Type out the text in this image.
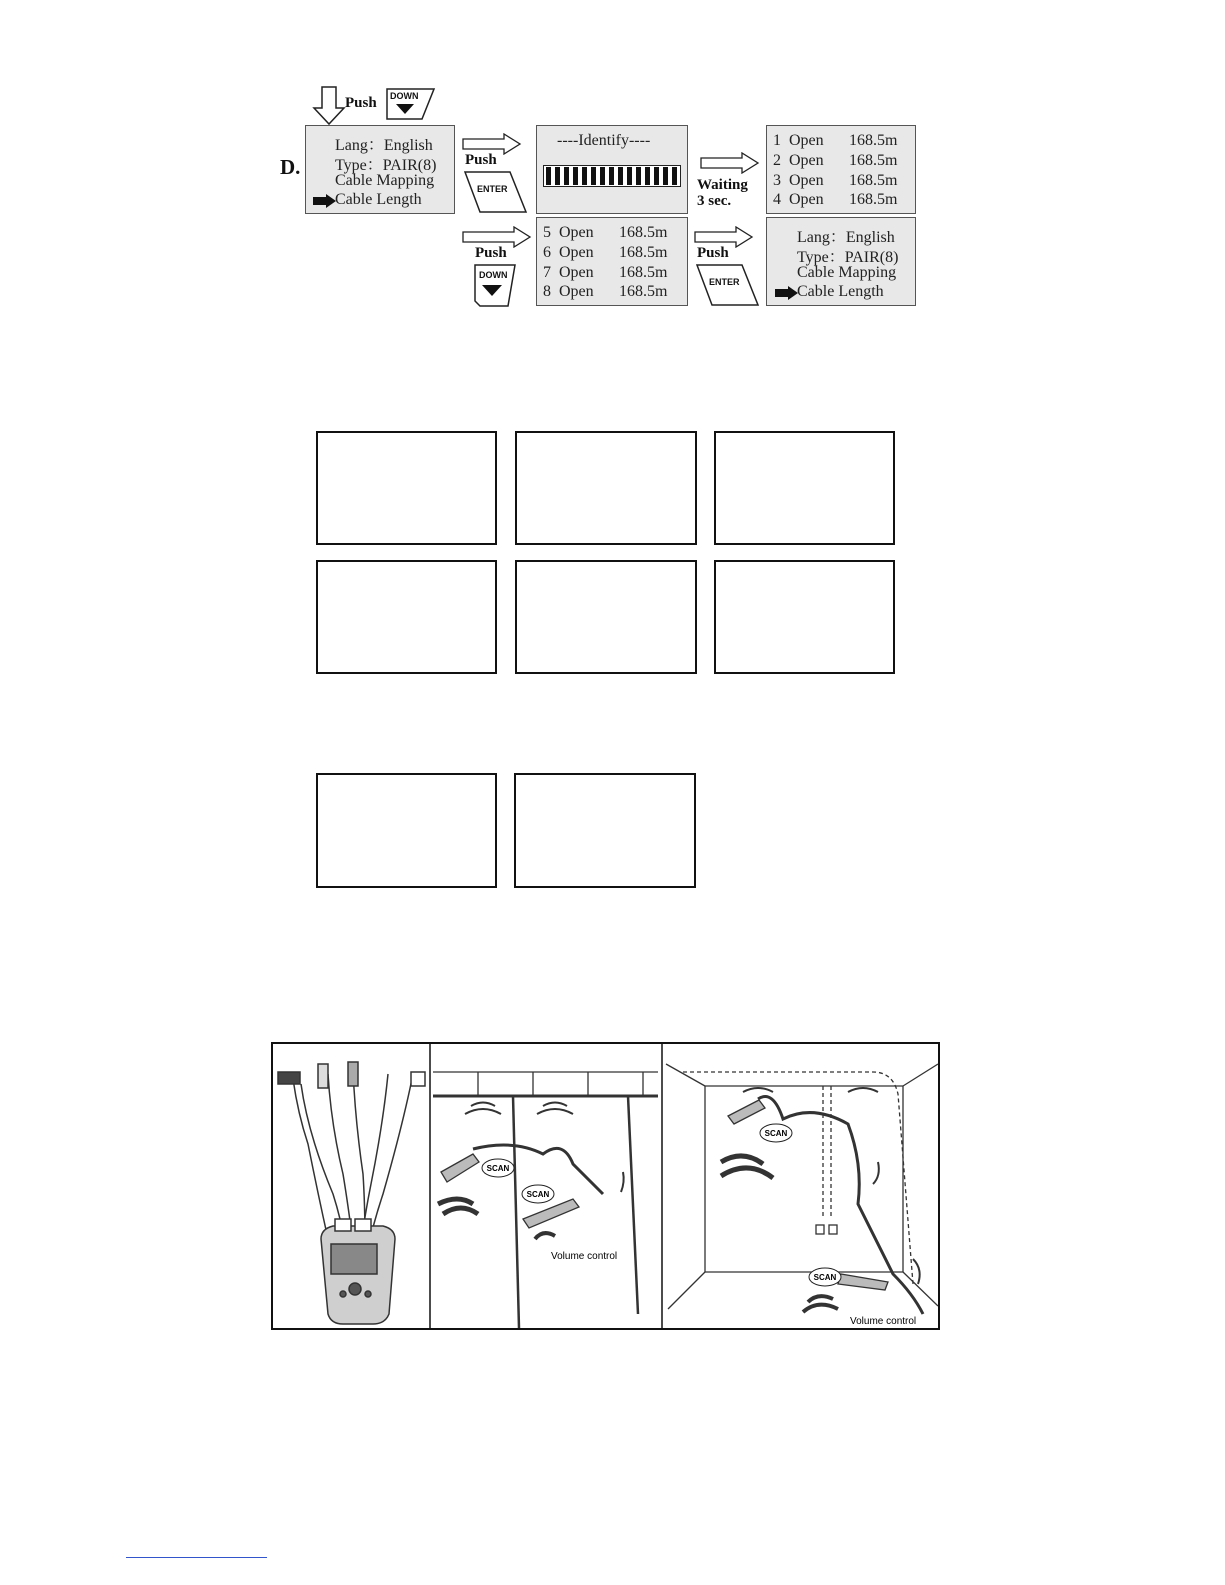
Push DOWN
D.
Lang：English
Type：PAIR(8)
Cable Mapping
Cable Length
Push
ENTER
----Identify----
Waiting
3 sec.
1 Open 168.5m
2 Open 168.5m
3 Open 168.5m
4 Open 168.5m
Push
DOWN
5 Open 168.5m
6 Open 168.5m
7 Open 168.5m
8 Open 168.5m
Push
ENTER
Lang：English
Type：PAIR(8)
Cable Mapping
Cable Length
SCAN
SCAN
Volume control
SCAN
SCAN
Volume control
